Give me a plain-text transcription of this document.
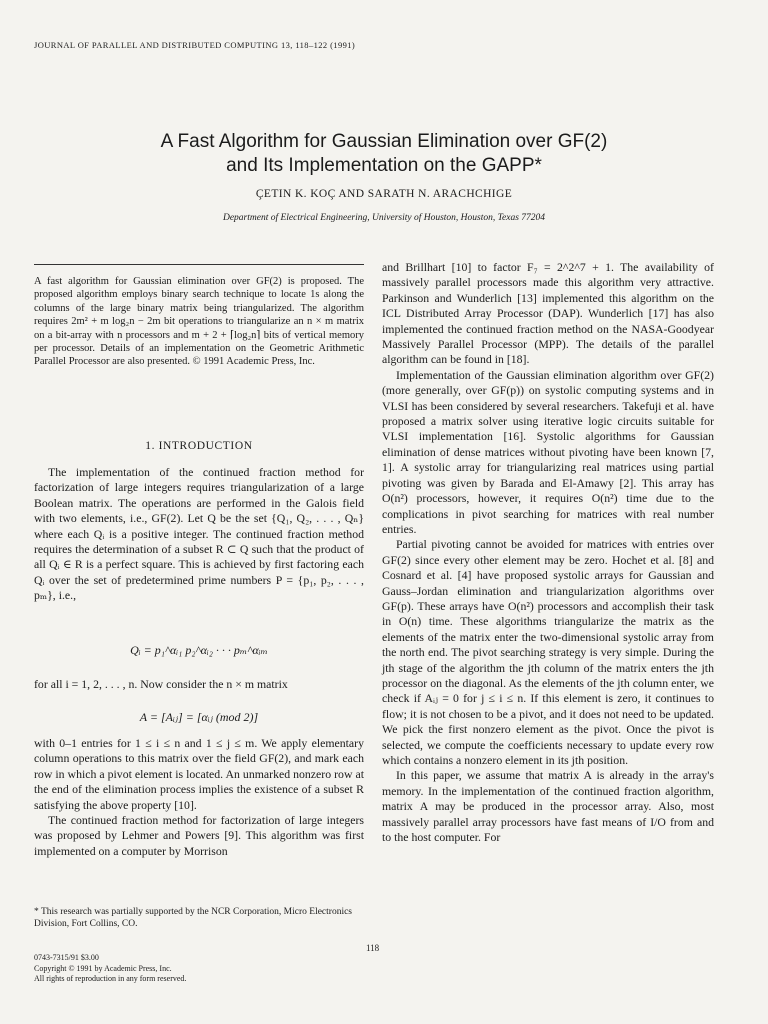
JOURNAL OF PARALLEL AND DISTRIBUTED COMPUTING 13, 118–122 (1991)
A Fast Algorithm for Gaussian Elimination over GF(2)
and Its Implementation on the GAPP*
ÇETIN K. KOÇ AND SARATH N. ARACHCHIGE
Department of Electrical Engineering, University of Houston, Houston, Texas 77204
A fast algorithm for Gaussian elimination over GF(2) is proposed. The proposed algorithm employs binary search technique to locate 1s along the columns of the large binary matrix being triangularized. The algorithm requires 2m² + m log₂n − 2m bit operations to triangularize an n × m matrix on a bit-array with n processors and m + 2 + ⌈log₂n⌉ bits of vertical memory per processor. Details of an implementation on the Geometric Arithmetic Parallel Processor are also presented. © 1991 Academic Press, Inc.
1. INTRODUCTION

The implementation of the continued fraction method for factorization of large integers requires triangularization of a large Boolean matrix. The operations are performed in the Galois field with two elements, i.e., GF(2). Let Q be the set {Q₁, Q₂, . . . , Qₙ} where each Qᵢ is a positive integer. The continued fraction method requires the determination of a subset R ⊂ Q such that the product of all Qᵢ ∈ R is a perfect square. This is achieved by first factoring each Qᵢ over the set of predetermined prime numbers P = {p₁, p₂, . . . , pₘ}, i.e.,

Qᵢ = p₁^αᵢ₁ p₂^αᵢ₂ · · · pₘ^αᵢₘ
for all i = 1, 2, . . . , n. Now consider the n × m matrix
A = [Aᵢⱼ] = [αᵢⱼ (mod 2)]

with 0–1 entries for 1 ≤ i ≤ n and 1 ≤ j ≤ m. We apply elementary column operations to this matrix over the field GF(2), and mark each row in which a pivot element is located. An unmarked nonzero row at the end of the elimination process implies the existence of a subset R satisfying the above property [10].

The continued fraction method for factorization of large integers was proposed by Lehmer and Powers [9]. This algorithm was first implemented on a computer by Morrison

* This research was partially supported by the NCR Corporation, Micro Electronics Division, Fort Collins, CO.
118
0743-7315/91 $3.00
Copyright © 1991 by Academic Press, Inc.
All rights of reproduction in any form reserved.

and Brillhart [10] to factor F₇ = 2^2^7 + 1. The availability of massively parallel processors made this algorithm very attractive. Parkinson and Wunderlich [13] implemented this algorithm on the ICL Distributed Array Processor (DAP). Wunderlich [17] has also implemented the continued fraction method on the NASA-Goodyear Massively Parallel Processor (MPP). The details of the parallel algorithm can be found in [18].

Implementation of the Gaussian elimination algorithm over GF(2) (more generally, over GF(p)) on systolic computing systems and in VLSI has been considered by several researchers. Takefuji et al. have proposed a matrix solver using iterative logic circuits suitable for VLSI implementation [16]. Systolic algorithms for Gaussian elimination of dense matrices without pivoting have been known [7, 1]. A systolic array for triangularizing real matrices using partial pivoting was given by Barada and El-Amawy [2]. This array has O(n²) processors, however, it requires O(n²) time due to the complications in pivot searching for matrices with real number entries.

Partial pivoting cannot be avoided for matrices with entries over GF(2) since every other element may be zero. Hochet et al. [8] and Cosnard et al. [4] have proposed systolic arrays for Gaussian and Gauss–Jordan elimination and triangularization algorithms over GF(p). These arrays have O(n²) processors and accomplish their task in O(n) time. These algorithms triangularize the matrix as the elements of the matrix enter the two-dimensional systolic array from the north end. The pivot searching strategy is very simple. During the jth stage of the algorithm the jth column of the matrix enters the jth processor on the diagonal. As the elements of the jth column enter, we check if Aᵢⱼ = 0 for j ≤ i ≤ n. If this element is zero, it continues to flow; it is not chosen to be a pivot, and it does not need to be updated. We pick the first nonzero element as the pivot. Once the pivot is selected, we compute the coefficients necessary to update every row which contains a nonzero element in its jth position.

In this paper, we assume that matrix A is already in the array's memory. In the implementation of the continued fraction algorithm, matrix A may be produced in the processor array. Also, most massively parallel array processors have fast means of I/O from and to the host computer. For
